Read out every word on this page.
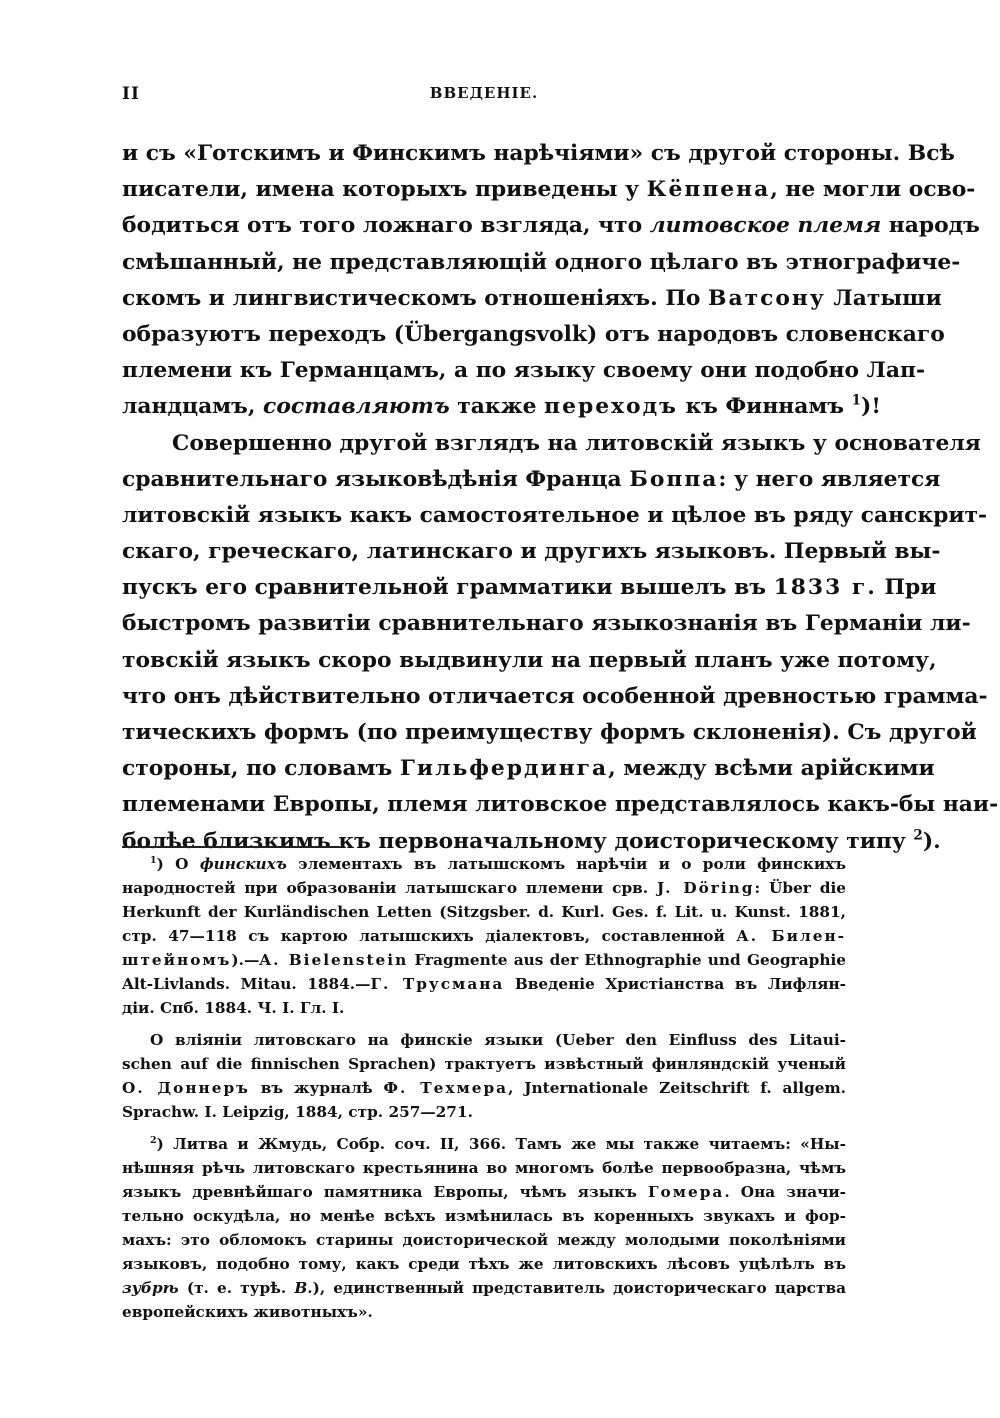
II	ВВЕДЕНІЕ.
и съ «Готскимъ и Финскимъ нарѣчіями» съ другой стороны. Всѣ
писатели, имена которыхъ приведены у Кёппена, не могли осво-
бодиться отъ того ложнаго взгляда, что литовское племя народъ
смѣшанный, не представляющій одного цѣлаго въ этнографиче-
скомъ и лингвистическомъ отношеніяхъ. По Ватсону Латыши
образуютъ переходъ (Übergangsvolk) отъ народовъ словенскаго
племени къ Германцамъ, а по языку своему они подобно Лап-
ландцамъ, составляютъ также переходъ къ Финнамъ $^1$)!
Совершенно другой взглядъ на литовскій языкъ у основателя
сравнительнаго языковѣдѣнія Франца Боппа: у него является
литовскій языкъ какъ самостоятельное и цѣлое въ ряду санскрит-
скаго, греческаго, латинскаго и другихъ языковъ. Первый вы-
пускъ его сравнительной грамматики вышелъ въ 1833 г. При
быстромъ развитіи сравнительнаго языкознанія въ Германіи ли-
товскій языкъ скоро выдвинули на первый планъ уже потому,
что онъ дѣйствительно отличается особенной древностью грамма-
тическихъ формъ (по преимуществу формъ склоненія). Съ другой
стороны, по словамъ Гильфердинга, между всѣми арійскими
племенами Европы, племя литовское представлялось какъ-бы наи-
болѣе близкимъ къ первоначальному доисторическому типу $^2$).
$^1$) О финскихъ элементахъ въ латышскомъ нарѣчіи и о роли финскихъ
народностей при образованіи латышскаго племени срв. J. Döring: Über die
Herkunft der Kurländischen Letten (Sitzgsber. d. Kurl. Ges. f. Lit. u. Kunst. 1881,
стр. 47—118 съ картою латышскихъ діалектовъ, составленной А. Билен-
штейномъ).—A. Bielenstein Fragmente aus der Ethnographie und Geographie
Alt-Livlands. Mitau. 1884.—Г. Трусмана Введеніе Христіанства въ Лифлян-
діи. Спб. 1884. Ч. I. Гл. I.
О вліяніи литовскаго на финскіе языки (Ueber den Einfluss des Litaui-
schen auf die finnischen Sprachen) трактуетъ извѣстный финляндскій ученый
О. Доннеръ въ журналѣ Ф. Техмера, Jnternationale Zeitschrift f. allgem.
Sprachw. I. Leipzig, 1884, стр. 257—271.
$^2$) Литва и Жмудь, Собр. соч. II, 366. Тамъ же мы также читаемъ: «Ны-
нѣшняя рѣчь литовскаго крестьянина во многомъ болѣе первообразна, чѣмъ
языкъ древнѣйшаго памятника Европы, чѣмъ языкъ Гомера. Она значи-
тельно оскудѣла, но менѣе всѣхъ измѣнилась въ коренныхъ звукахъ и фор-
махъ: это обломокъ старины доисторической между молодыми поколѣніями
языковъ, подобно тому, какъ среди тѣхъ же литовскихъ лѣсовъ уцѣлѣлъ въ
зубрѣ (т. е. турѣ. В.), единственный представитель доисторическаго царства
европейскихъ животныхъ».
